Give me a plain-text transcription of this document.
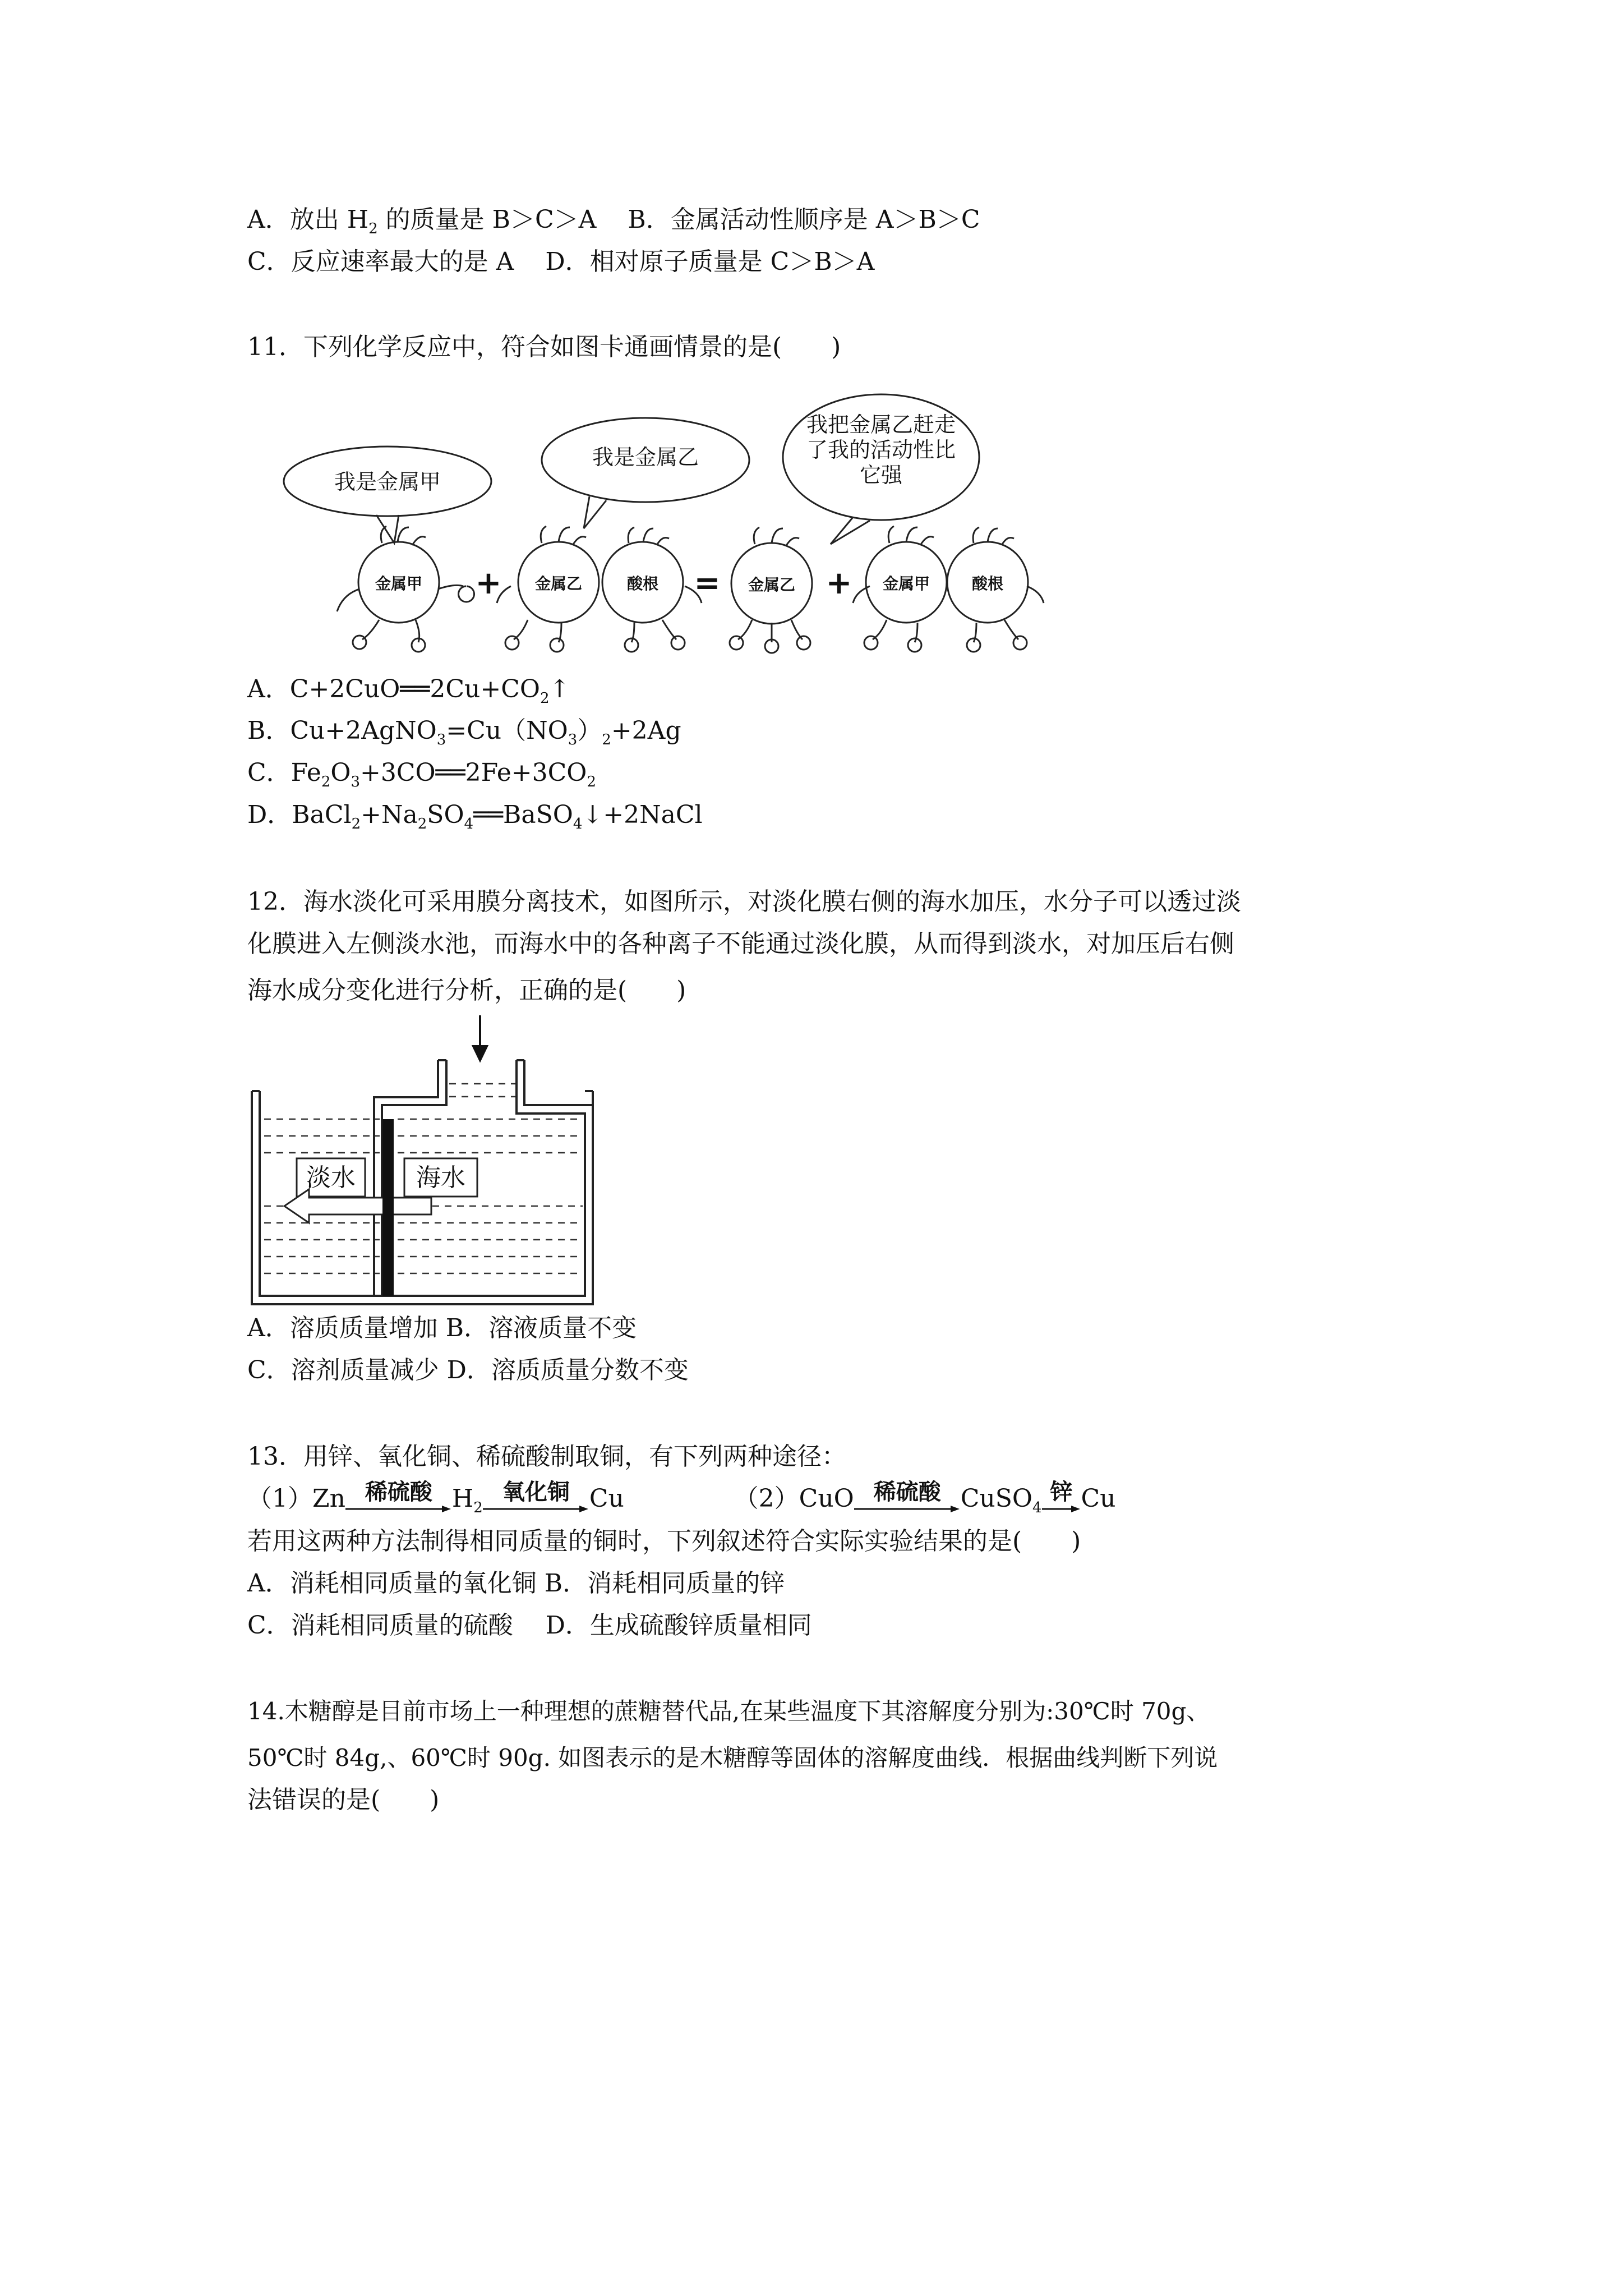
A．放出 $H_2$ 的质量是 B＞C＞A B．金属活动性顺序是 A＞B＞C

C．反应速率最大的是 A D．相对原子质量是 C＞B＞A

11．下列化学反应中，符合如图卡通画情景的是(　　)

我是金属甲
我是金属乙
我把金属乙赶走
了我的活动性比
它强
金属甲	金属乙	酸根	金属乙	金属甲	酸根
+	=	+

A．$C+2CuO══2Cu+CO_2↑$

B．$Cu+2AgNO_3=Cu(NO_3)_2+2Ag$

C．$Fe_2O_3+3CO══2Fe+3CO_2$

D．$BaCl_2+Na_2SO_4══BaSO_4↓+2NaCl$

12．海水淡化可采用膜分离技术，如图所示，对淡化膜右侧的海水加压，水分子可以透过淡

化膜进入左侧淡水池，而海水中的各种离子不能通过淡化膜，从而得到淡水，对加压后右侧

海水成分变化进行分析，正确的是(　　)

淡水 海水

A．溶质质量增加 B．溶液质量不变

C．溶剂质量减少 D．溶质质量分数不变

13．用锌、氧化铜、稀硫酸制取铜，有下列两种途径：

（1）Zn 稀硫酸 $H_2$
氧化铜 Cu	（2）CuO 稀硫酸 CuSO$_4$
锌 Cu

若用这两种方法制得相同质量的铜时，下列叙述符合实际实验结果的是(　　)

A．消耗相同质量的氧化铜 B．消耗相同质量的锌

C．消耗相同质量的硫酸　 D．生成硫酸锌质量相同

14.木糖醇是目前市场上一种理想的蔗糖替代品,在某些温度下其溶解度分别为:30℃时 70g、

50℃时 84g,、60℃时 90g. 如图表示的是木糖醇等固体的溶解度曲线．根据曲线判断下列说

法错误的是(　　)
